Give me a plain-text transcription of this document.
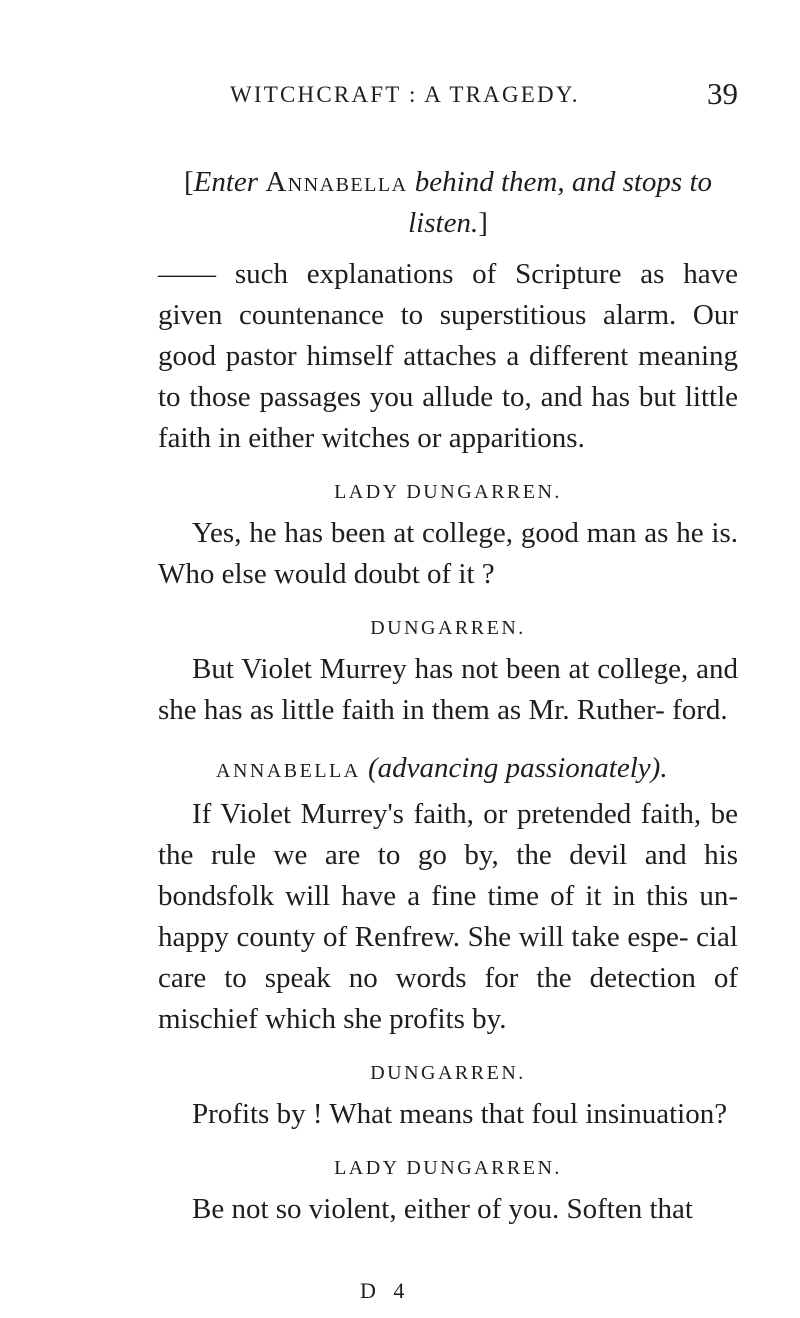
WITCHCRAFT : A TRAGEDY.	39
[Enter Annabella behind them, and stops to listen.]

—— such explanations of Scripture as have given countenance to superstitious alarm. Our good pastor himself attaches a different meaning to those passages you allude to, and has but little faith in either witches or apparitions.

LADY DUNGARREN.

Yes, he has been at college, good man as he is. Who else would doubt of it ?

DUNGARREN.

But Violet Murrey has not been at college, and she has as little faith in them as Mr. Ruther- ford.

ANNABELLA (advancing passionately).

If Violet Murrey's faith, or pretended faith, be the rule we are to go by, the devil and his bondsfolk will have a fine time of it in this un- happy county of Renfrew. She will take espe- cial care to speak no words for the detection of mischief which she profits by.

DUNGARREN.

Profits by ! What means that foul insinuation?

LADY DUNGARREN.

Be not so violent, either of you. Soften that

D 4
